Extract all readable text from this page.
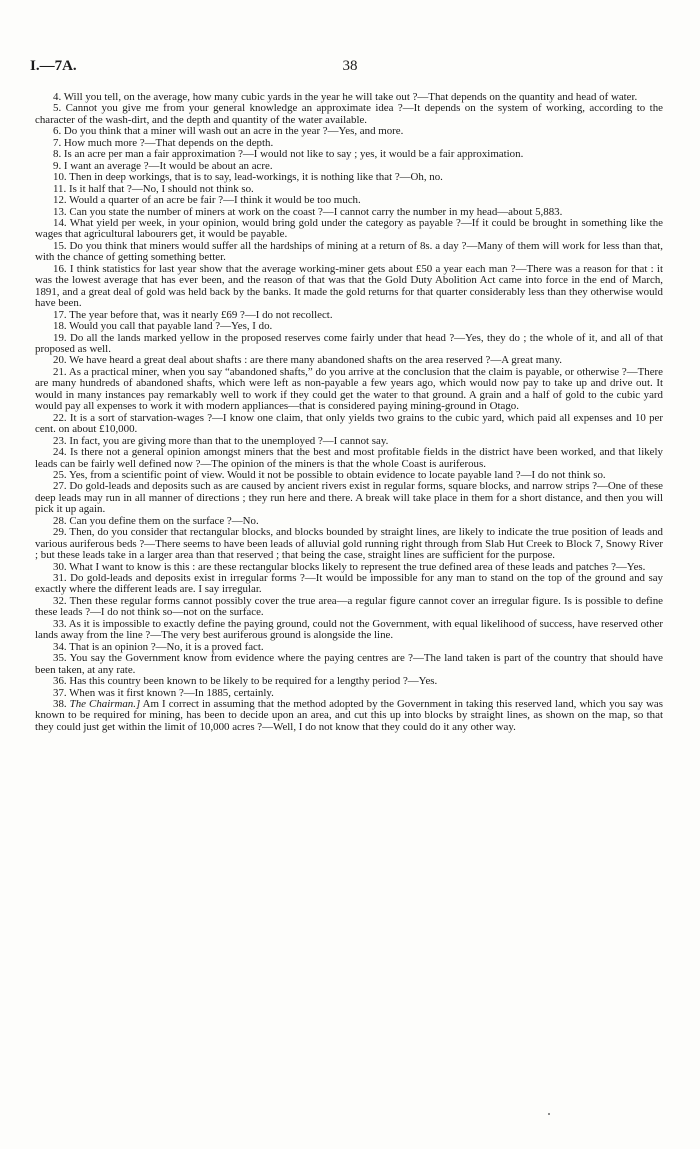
I.—7A.	38

4. Will you tell, on the average, how many cubic yards in the year he will take out ?—That depends on the quantity and head of water.

5. Cannot you give me from your general knowledge an approximate idea ?—It depends on the system of working, according to the character of the wash-dirt, and the depth and quantity of the water available.

6. Do you think that a miner will wash out an acre in the year ?—Yes, and more.

7. How much more ?—That depends on the depth.

8. Is an acre per man a fair approximation ?—I would not like to say ; yes, it would be a fair approximation.

9. I want an average ?—It would be about an acre.

10. Then in deep workings, that is to say, lead-workings, it is nothing like that ?—Oh, no.

11. Is it half that ?—No, I should not think so.

12. Would a quarter of an acre be fair ?—I think it would be too much.

13. Can you state the number of miners at work on the coast ?—I cannot carry the number in my head—about 5,883.

14. What yield per week, in your opinion, would bring gold under the category as payable ?—If it could be brought in something like the wages that agricultural labourers get, it would be payable.

15. Do you think that miners would suffer all the hardships of mining at a return of 8s. a day ?—Many of them will work for less than that, with the chance of getting something better.

16. I think statistics for last year show that the average working-miner gets about £50 a year each man ?—There was a reason for that : it was the lowest average that has ever been, and the reason of that was that the Gold Duty Abolition Act came into force in the end of March, 1891, and a great deal of gold was held back by the banks. It made the gold returns for that quarter considerably less than they otherwise would have been.

17. The year before that, was it nearly £69 ?—I do not recollect.

18. Would you call that payable land ?—Yes, I do.

19. Do all the lands marked yellow in the proposed reserves come fairly under that head ?—Yes, they do ; the whole of it, and all of that proposed as well.

20. We have heard a great deal about shafts : are there many abandoned shafts on the area reserved ?—A great many.

21. As a practical miner, when you say “abandoned shafts,” do you arrive at the conclusion that the claim is payable, or otherwise ?—There are many hundreds of abandoned shafts, which were left as non-payable a few years ago, which would now pay to take up and drive out. It would in many instances pay remarkably well to work if they could get the water to that ground. A grain and a half of gold to the cubic yard would pay all expenses to work it with modern appliances—that is considered paying mining-ground in Otago.

22. It is a sort of starvation-wages ?—I know one claim, that only yields two grains to the cubic yard, which paid all expenses and 10 per cent. on about £10,000.

23. In fact, you are giving more than that to the unemployed ?—I cannot say.

24. Is there not a general opinion amongst miners that the best and most profitable fields in the district have been worked, and that likely leads can be fairly well defined now ?—The opinion of the miners is that the whole Coast is auriferous.

25. Yes, from a scientific point of view. Would it not be possible to obtain evidence to locate payable land ?—I do not think so.

27. Do gold-leads and deposits such as are caused by ancient rivers exist in regular forms, square blocks, and narrow strips ?—One of these deep leads may run in all manner of directions ; they run here and there. A break will take place in them for a short distance, and then you will pick it up again.

28. Can you define them on the surface ?—No.

29. Then, do you consider that rectangular blocks, and blocks bounded by straight lines, are likely to indicate the true position of leads and various auriferous beds ?—There seems to have been leads of alluvial gold running right through from Slab Hut Creek to Block 7, Snowy River ; but these leads take in a larger area than that reserved ; that being the case, straight lines are sufficient for the purpose.

30. What I want to know is this : are these rectangular blocks likely to represent the true defined area of these leads and patches ?—Yes.

31. Do gold-leads and deposits exist in irregular forms ?—It would be impossible for any man to stand on the top of the ground and say exactly where the different leads are. I say irregular.

32. Then these regular forms cannot possibly cover the true area—a regular figure cannot cover an irregular figure. Is is possible to define these leads ?—I do not think so—not on the surface.

33. As it is impossible to exactly define the paying ground, could not the Government, with equal likelihood of success, have reserved other lands away from the line ?—The very best auriferous ground is alongside the line.

34. That is an opinion ?—No, it is a proved fact.

35. You say the Government know from evidence where the paying centres are ?—The land taken is part of the country that should have been taken, at any rate.

36. Has this country been known to be likely to be required for a lengthy period ?—Yes.

37. When was it first known ?—In 1885, certainly.

38. The Chairman.] Am I correct in assuming that the method adopted by the Government in taking this reserved land, which you say was known to be required for mining, has been to decide upon an area, and cut this up into blocks by straight lines, as shown on the map, so that they could just get within the limit of 10,000 acres ?—Well, I do not know that they could do it any other way.
